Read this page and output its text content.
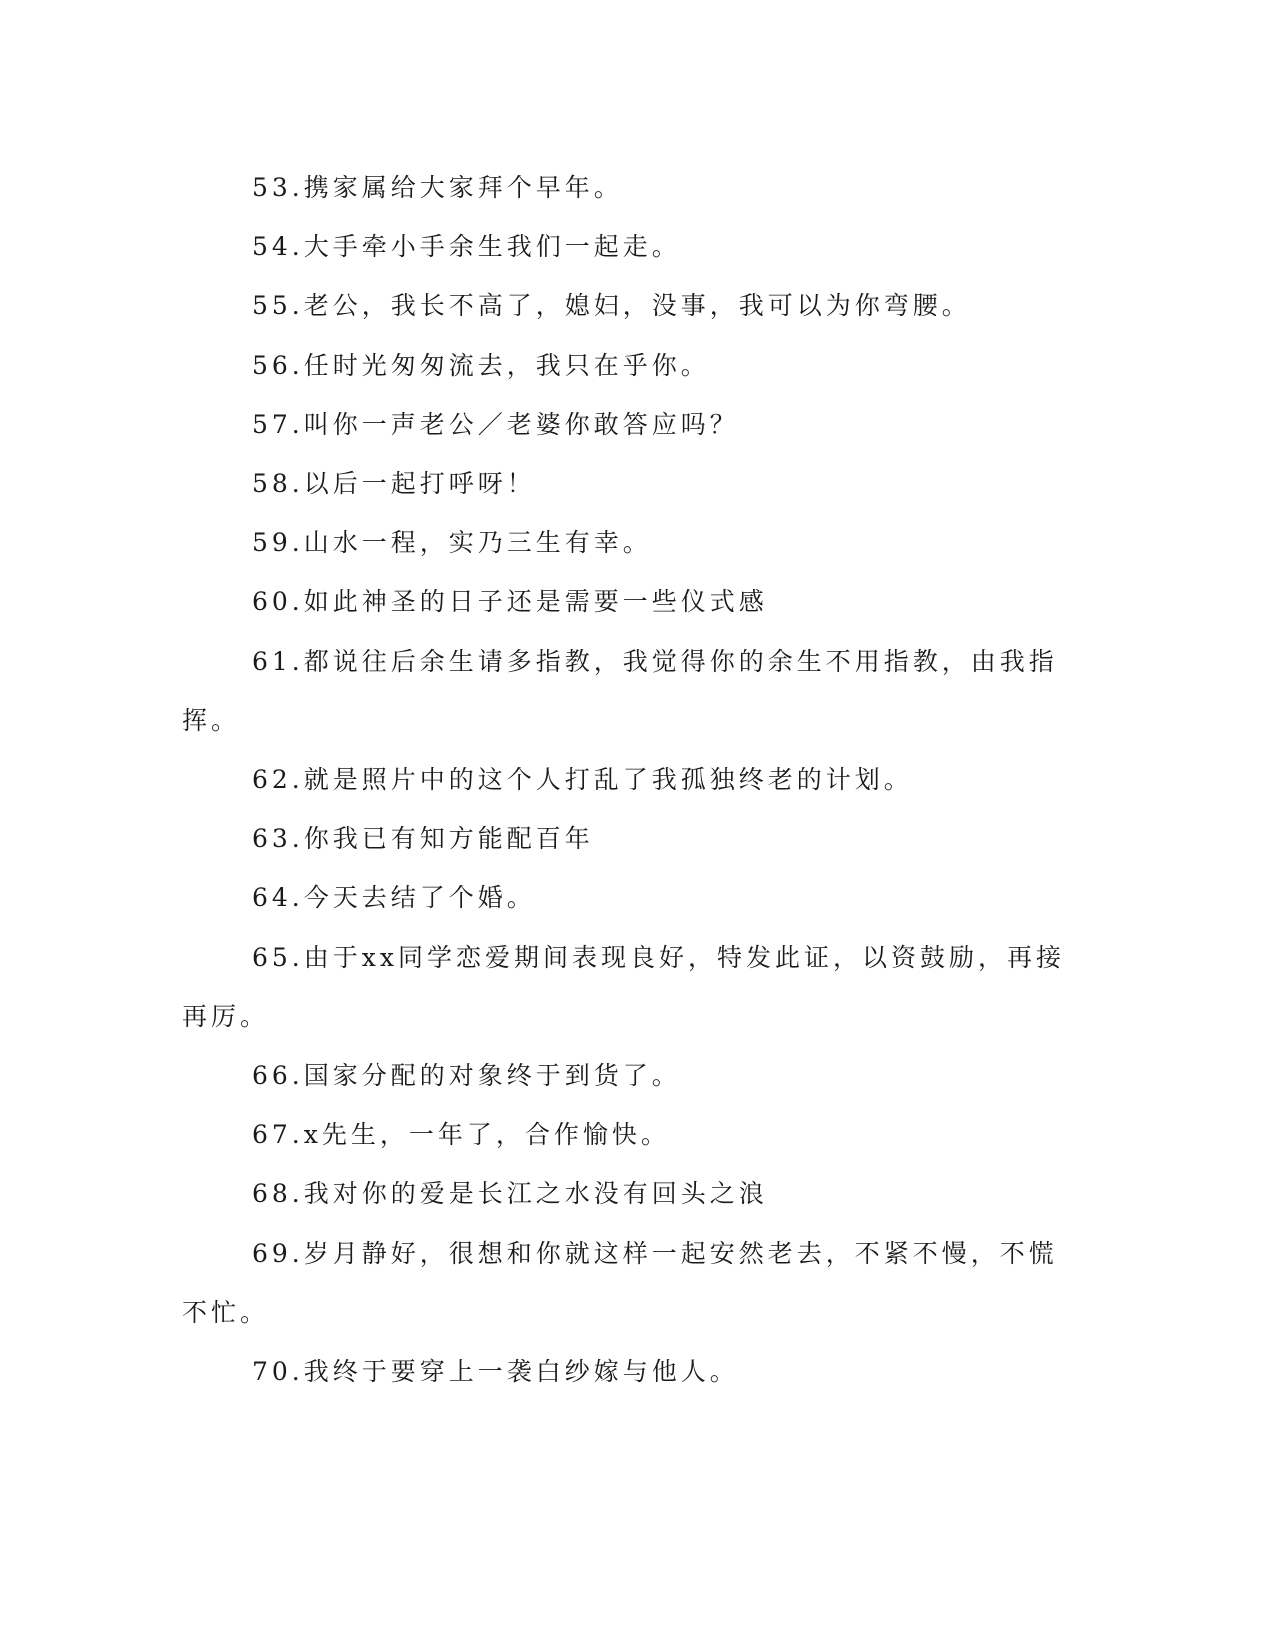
53.携家属给大家拜个早年。

54.大手牵小手余生我们一起走。

55.老公，我长不高了，媳妇，没事，我可以为你弯腰。

56.任时光匆匆流去，我只在乎你。

57.叫你一声老公／老婆你敢答应吗？

58.以后一起打呼呀！

59.山水一程，实乃三生有幸。

60.如此神圣的日子还是需要一些仪式感

61.都说往后余生请多指教，我觉得你的余生不用指教，由我指挥。

62.就是照片中的这个人打乱了我孤独终老的计划。

63.你我已有知方能配百年

64.今天去结了个婚。

65.由于xx同学恋爱期间表现良好，特发此证，以资鼓励，再接再厉。

66.国家分配的对象终于到货了。

67.x先生，一年了，合作愉快。

68.我对你的爱是长江之水没有回头之浪

69.岁月静好，很想和你就这样一起安然老去，不紧不慢，不慌不忙。

70.我终于要穿上一袭白纱嫁与他人。
